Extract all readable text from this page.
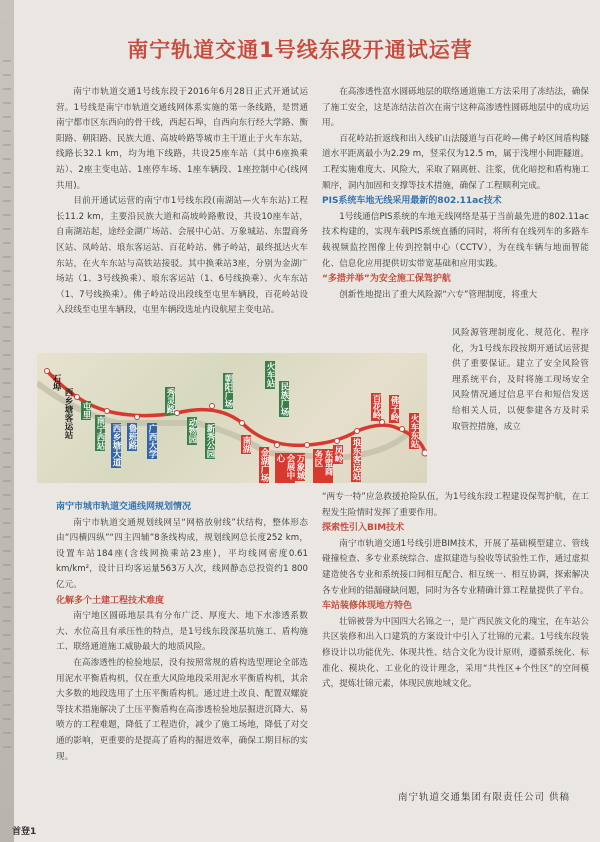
南宁轨道交通1号线东段开通试运营

南宁市轨道交通1号线东段于2016年6月28日正式开通试运营。1号线是南宁市轨道交通线网体系实施的第一条线路，是贯通南宁都市区东西向的骨干线，西起石埠，自西向东行经大学路、衡阳路、朝阳路、民族大道、高坡岭路等城市主干道止于火车东站，线路长32.1 km，均为地下线路，共设25座车站（其中6座换乘站）、2座主变电站、1座停车场、1座车辆段、1座控制中心(线网共用)。

目前开通试运营的南宁市1号线东段(南湖站—火车东站)工程长11.2 km，主要沿民族大道和高坡岭路敷设，共设10座车站，自南湖站起，途经金湖广场站、会展中心站、万象城站、东盟商务区站、凤岭站、埌东客运站、百花岭站、佛子岭站，最终抵达火车东站，在火车东站与高铁站接驳。其中换乘站3座，分别为金湖广场站（1、3号线换乘）、埌东客运站（1、6号线换乘）、火车东站（1、7号线换乘）。佛子岭站设出段线至屯里车辆段，百花岭站设入段线至屯里车辆段，屯里车辆段选址内设航屋主变电站。

在高渗透性富水圆砾地层的联络通道施工方法采用了冻结法，确保了施工安全，这是冻结法首次在南宁这种高渗透性圆砾地层中的成功运用。

百花岭站折返线和出入线矿山法隧道与百花岭—佛子岭区间盾构隧道水平距离最小为2.29 m，竖采仅为12.5 m，属于浅埋小间距隧道。工程实施难度大、风险大，采取了隔离桩、注浆，优化暗挖和盾构施工顺序，洞内加固和支撑等技术措施，确保了工程顺利完成。

PIS系统车地无线采用最新的802.11ac技术

1号线通信PIS系统的车地无线网络是基于当前最先进的802.11ac技术构建的，实现车载PIS系统直播的同时，将所有在线列车的多路车载视频监控图像上传到控制中心（CCTV），为在线车辆与地面智能化、信息化应用提供切实带宽基础和应用实践。

“多措并举”为安全施工保驾护航

创新性地提出了重大风险源“六专”管理制度，将重大

风险源管理制度化、规范化、程序化，为1号线东段按期开通试运营提供了重要保证。建立了安全风险管理系统平台，及时将施工现场安全风险情况通过信息平台和短信发送给相关人员，以便参建各方及时采取管控措施，成立

石埠
西乡塘客运站 屯里
南宁西站 西乡塘大道 鲁班路 广西大学
秀灵路
动物园 新秀公园
朝阳广场	火车站
民族广场
南湖
金湖广场	会展中心	万象城	东盟商务区	凤岭 埌东客运站
百花岭 佛子岭
火车东站

南宁市城市轨道交通线网规划情况

南宁市轨道交通规划线网呈“网格放射线”状结构，整体形态由“四横四纵”“四主四辅”8条线构成，规划线网总长度252 km，设置车站184座(含线网换乘站23座)，平均线网密度0.61 km/km²，设计日均客运量563万人次，线网静态总投资约1 800亿元。

化解多个土建工程技术难度

南宁地区圆砾地层具有分布广泛、厚度大、地下水渗透系数大、水位高且有承压性的特点，是1号线东段深基坑施工、盾构施工、联络通道施工威胁最大的地质风险。

在高渗透性的检验地层，没有按照常规的盾构选型理论全部选用泥水平衡盾构机，仅在重大风险地段采用泥水平衡盾构机，其余大多数的地段选用了土压平衡盾构机。通过进土改良、配置双螺旋等技术措施解决了土压平衡盾构在高渗透检验地层掘进沉降大、易喷方的工程难题，降低了工程造价，减少了施工场地，降低了对交通的影响，更重要的是提高了盾构的掘进效率，确保工期目标的实现。

“两专一特”应急救援抢险队伍，为1号线东段工程建设保驾护航，在工程发生险情时发挥了重要作用。

探索性引入BIM技术

南宁市轨道交通1号线引进BIM技术，开展了基础模型建立、管线碰撞检查、多专业系统综合、虚拟建造与验收等试验性工作，通过虚拟建造使各专业和系统接口间相互配合、相互统一、相互协调，探索解决各专业间的错漏碰缺问题，同时为各专业精确计算工程量提供了平台。

车站装修体现地方特色

壮锦被誉为中国四大名锦之一，是广西民族文化的瑰宝，在车站公共区装修和出入口建筑的方案设计中引入了壮锦的元素。1号线东段装修设计以功能优先、体现共性、结合文化为设计原则，遵循系统化、标准化、模块化、工业化的设计理念，采用“共性区+个性区”的空间模式，提炼壮锦元素，体现民族地域文化。

南宁轨道交通集团有限责任公司 供稿
首登1
